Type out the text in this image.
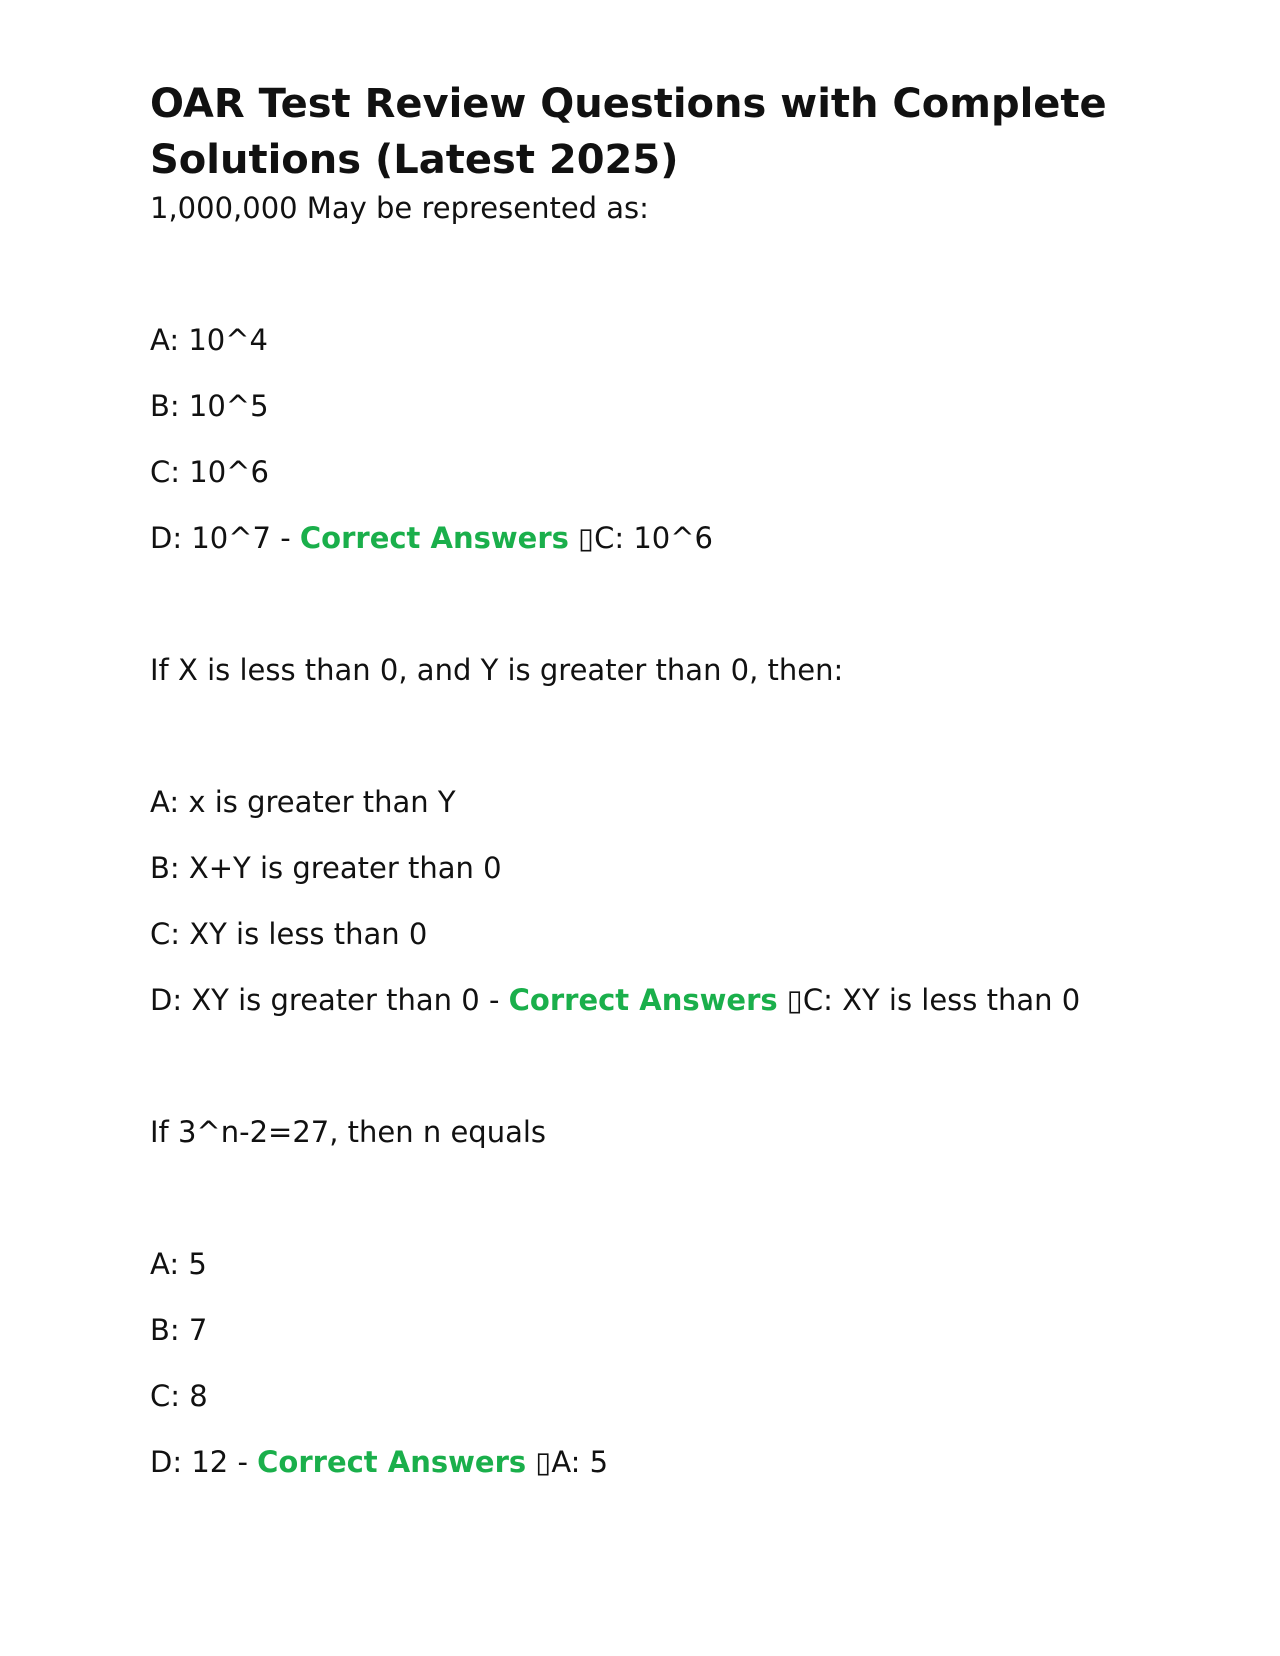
OAR Test Review Questions with Complete Solutions (Latest 2025)

1,000,000 May be represented as:

A: 10^4

B: 10^5

C: 10^6

D: 10^7 - Correct Answers ▯C: 10^6

If X is less than 0, and Y is greater than 0, then:

A: x is greater than Y

B: X+Y is greater than 0

C: XY is less than 0

D: XY is greater than 0 - Correct Answers ▯C: XY is less than 0

If 3^n-2=27, then n equals

A: 5

B: 7

C: 8

D: 12 - Correct Answers ▯A: 5
